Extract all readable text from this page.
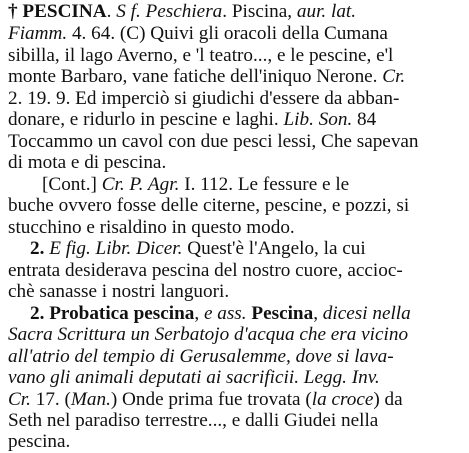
† PESCINA. S f. Peschiera. Piscina, aur. lat.
Fiamm. 4. 64. (C) Quivi gli oracoli della Cumana
sibilla, il lago Averno, e 'l teatro..., e le pescine, e'l
monte Barbaro, vane fatiche dell'iniquo Nerone. Cr.
2. 19. 9. Ed imperciò si giudichi d'essere da abban-
donare, e ridurlo in pescine e laghi. Lib. Son. 84
Toccammo un cavol con due pesci lessi, Che sapevan
di mota e di pescina.
[Cont.] Cr. P. Agr. I. 112. Le fessure e le
buche ovvero fosse delle citerne, pescine, e pozzi, si
stucchino e risaldino in questo modo.
2. E fig. Libr. Dicer. Quest'è l'Angelo, la cui
entrata desiderava pescina del nostro cuore, accioc-
chè sanasse i nostri languori.
2. Probatica pescina, e ass. Pescina, dicesi nella
Sacra Scrittura un Serbatojo d'acqua che era vicino
all'atrio del tempio di Gerusalemme, dove si lava-
vano gli animali deputati ai sacrificii. Legg. Inv.
Cr. 17. (Man.) Onde prima fue trovata (la croce) da
Seth nel paradiso terrestre..., e dalli Giudei nella
pescina.
